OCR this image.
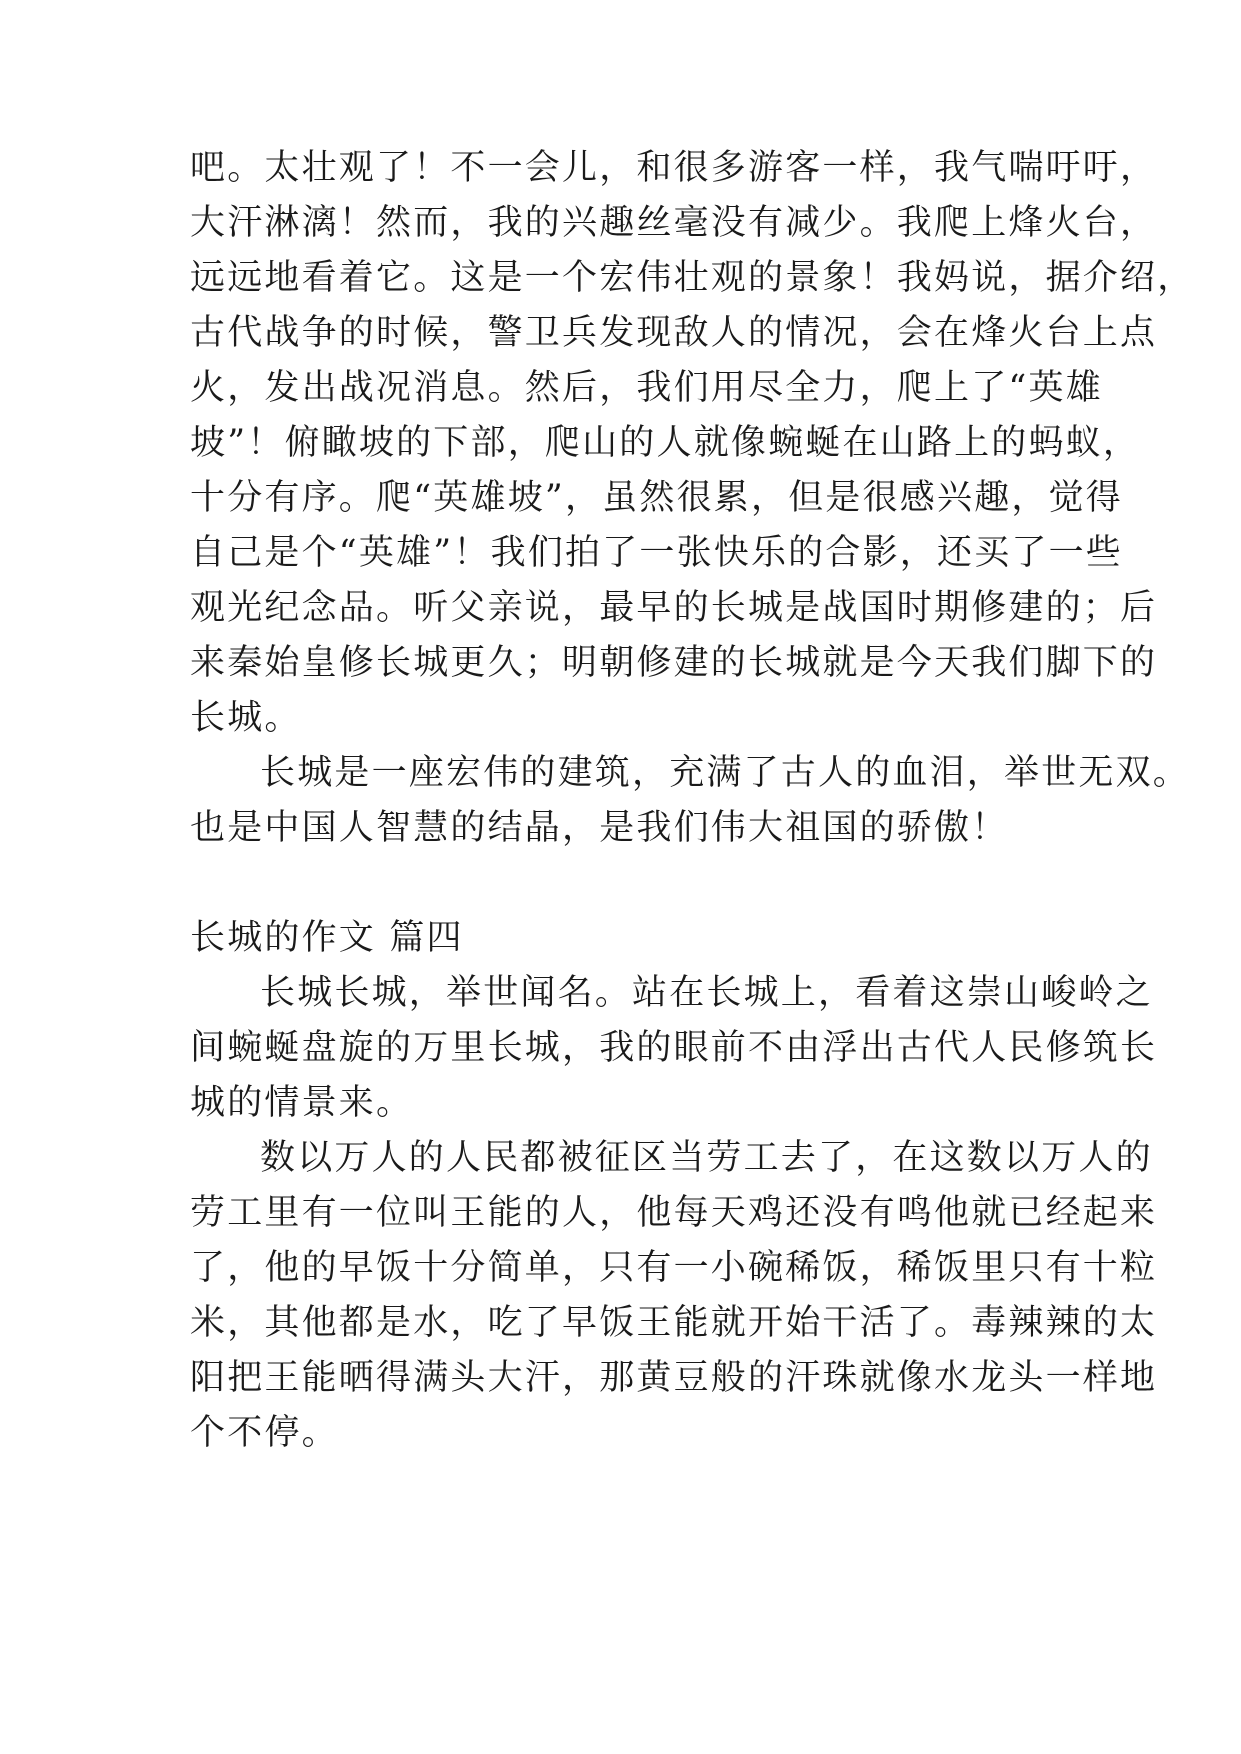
吧。太壮观了！不一会儿，和很多游客一样，我气喘吁吁，
大汗淋漓！然而，我的兴趣丝毫没有减少。我爬上烽火台，
远远地看着它。这是一个宏伟壮观的景象！我妈说，据介绍，
古代战争的时候，警卫兵发现敌人的情况，会在烽火台上点
火，发出战况消息。然后，我们用尽全力，爬上了“英雄
坡”！俯瞰坡的下部，爬山的人就像蜿蜒在山路上的蚂蚁，
十分有序。爬“英雄坡”，虽然很累，但是很感兴趣，觉得
自己是个“英雄”！我们拍了一张快乐的合影，还买了一些
观光纪念品。听父亲说，最早的长城是战国时期修建的；后
来秦始皇修长城更久；明朝修建的长城就是今天我们脚下的
长城。
长城是一座宏伟的建筑，充满了古人的血泪，举世无双。
也是中国人智慧的结晶，是我们伟大祖国的骄傲！
长城的作文 篇四
长城长城，举世闻名。站在长城上，看着这崇山峻岭之
间蜿蜒盘旋的万里长城，我的眼前不由浮出古代人民修筑长
城的情景来。
数以万人的人民都被征区当劳工去了，在这数以万人的
劳工里有一位叫王能的人，他每天鸡还没有鸣他就已经起来
了，他的早饭十分简单，只有一小碗稀饭，稀饭里只有十粒
米，其他都是水，吃了早饭王能就开始干活了。毒辣辣的太
阳把王能晒得满头大汗，那黄豆般的汗珠就像水龙头一样地
个不停。
